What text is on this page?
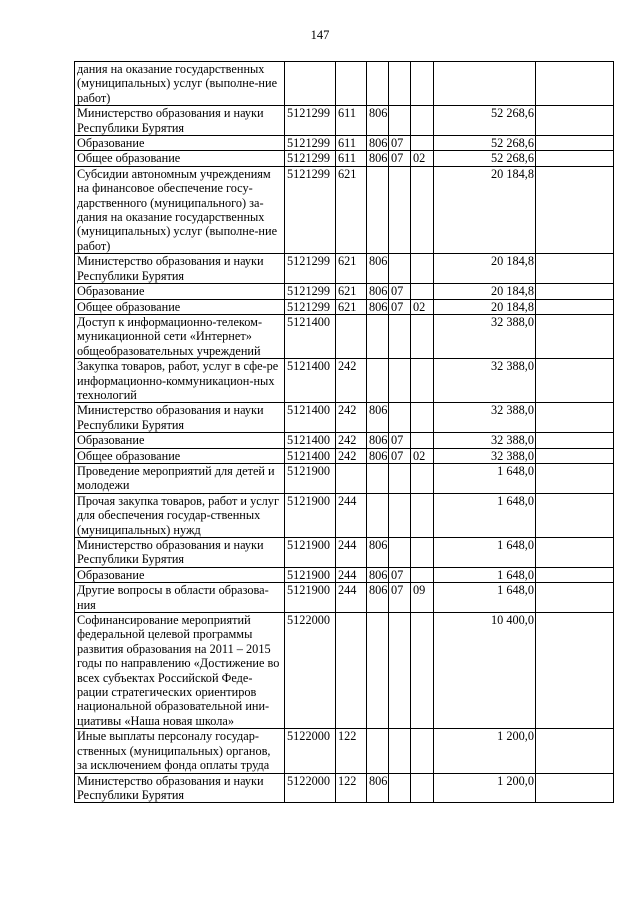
147
дания на оказание государственных (муниципальных) услуг (выполне-ние работ)							
Министерство образования и науки Республики Бурятия	5121299	611	806			52 268,6	
Образование	5121299	611	806	07		52 268,6	
Общее образование	5121299	611	806	07	02	52 268,6	
Субсидии автономным учреждениям на финансовое обеспечение госу-дарственного (муниципального) за-дания на оказание государственных (муниципальных) услуг (выполне-ние работ)	5121299	621				20 184,8	
Министерство образования и науки Республики Бурятия	5121299	621	806			20 184,8	
Образование	5121299	621	806	07		20 184,8	
Общее образование	5121299	621	806	07	02	20 184,8	
Доступ к информационно-телеком-муникационной сети «Интернет» общеобразовательных учреждений	5121400					32 388,0	
Закупка товаров, работ, услуг в сфе-ре информационно-коммуникацион-ных технологий	5121400	242				32 388,0	
Министерство образования и науки Республики Бурятия	5121400	242	806			32 388,0	
Образование	5121400	242	806	07		32 388,0	
Общее образование	5121400	242	806	07	02	32 388,0	
Проведение мероприятий для детей и молодежи	5121900					1 648,0	
Прочая закупка товаров, работ и услуг для обеспечения государ-ственных (муниципальных) нужд	5121900	244				1 648,0	
Министерство образования и науки Республики Бурятия	5121900	244	806			1 648,0	
Образование	5121900	244	806	07		1 648,0	
Другие вопросы в области образова-ния	5121900	244	806	07	09	1 648,0	
Софинансирование мероприятий федеральной целевой программы развития образования на 2011 – 2015 годы по направлению «Достижение во всех субъектах Российской Феде-рации стратегических ориентиров национальной образовательной ини-циативы «Наша новая школа»	5122000					10 400,0	
Иные выплаты персоналу государ-ственных (муниципальных) органов, за исключением фонда оплаты труда	5122000	122				1 200,0	
Министерство образования и науки Республики Бурятия	5122000	122	806			1 200,0	
